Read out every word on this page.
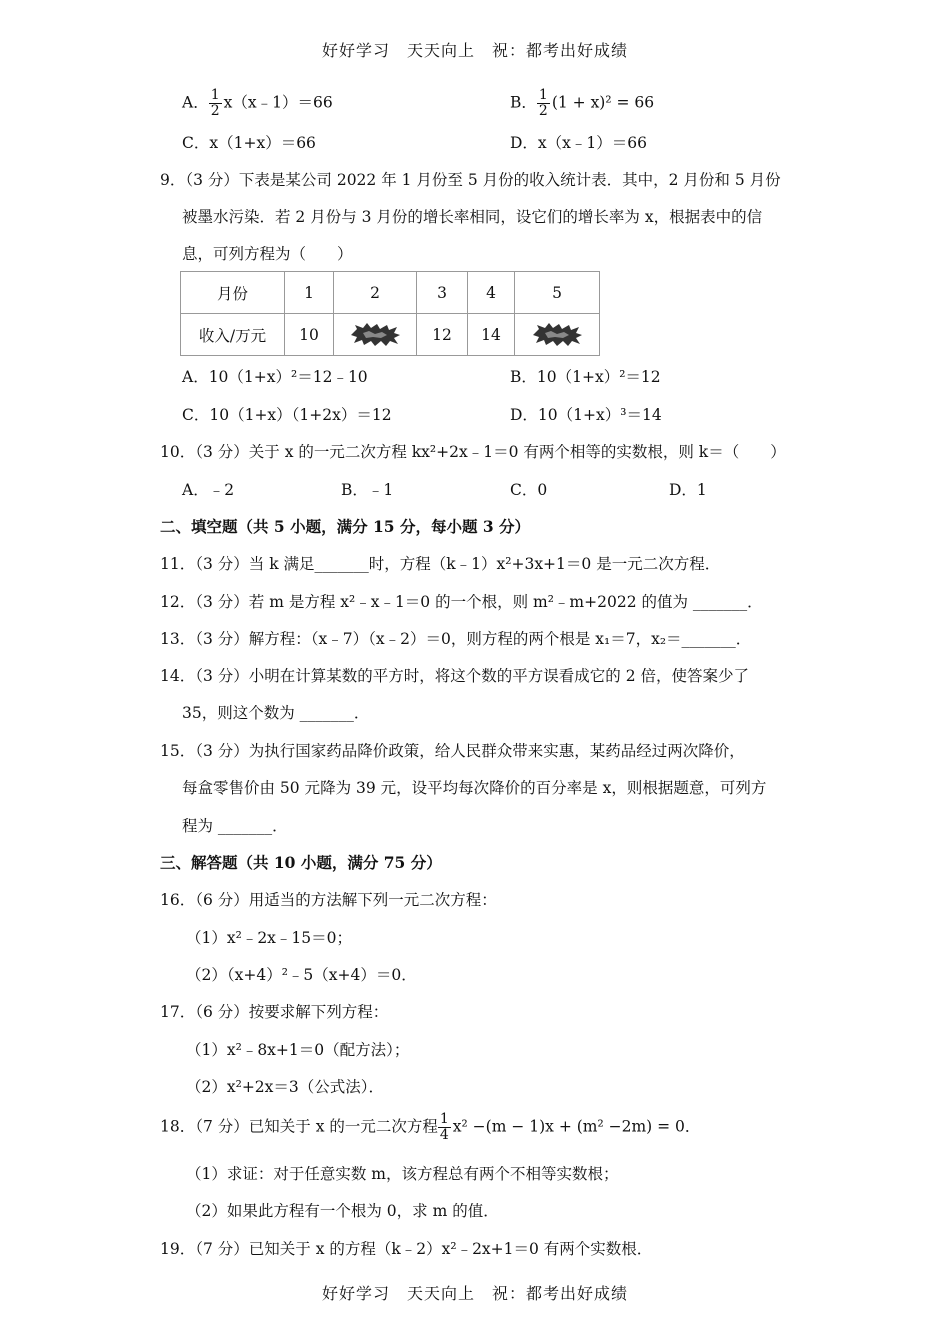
好好学习　天天向上　祝：都考出好成绩
A． $\frac{1}{2}$ x（x﹣1）＝66	B． $\frac{1}{2} (1 + x)^2 = 66$
C．x（1+x）＝66	D．x（x﹣1）＝66
9．（3 分）下表是某公司 2022 年 1 月份至 5 月份的收入统计表．其中，2 月份和 5 月份
被墨水污染．若 2 月份与 3 月份的增长率相同，设它们的增长率为 x，根据表中的信
息，可列方程为（　　）
月份	1	2	3	4	5
收入/万元	10		12	14	
A．10（1+x）²＝12﹣10	B．10（1+x）²＝12
C．10（1+x）（1+2x）＝12	D．10（1+x）³＝14
10．（3 分）关于 x 的一元二次方程 kx²+2x﹣1＝0 有两个相等的实数根，则 k＝（　　）
A．﹣2	B．﹣1	C．0	D．1
二、填空题（共 5 小题，满分 15 分，每小题 3 分）
11．（3 分）当 k 满足_______时，方程（k﹣1）x²+3x+1＝0 是一元二次方程．
12．（3 分）若 m 是方程 x²﹣x﹣1＝0 的一个根，则 m²﹣m+2022 的值为 _______．
13．（3 分）解方程：（x﹣7）（x﹣2）＝0，则方程的两个根是 x₁＝7，x₂＝_______．
14．（3 分）小明在计算某数的平方时，将这个数的平方误看成它的 2 倍，使答案少了
35，则这个数为 _______．
15．（3 分）为执行国家药品降价政策，给人民群众带来实惠，某药品经过两次降价，
每盒零售价由 50 元降为 39 元，设平均每次降价的百分率是 x，则根据题意，可列方
程为 _______．
三、解答题（共 10 小题，满分 75 分）
16．（6 分）用适当的方法解下列一元二次方程：
（1）x²﹣2x﹣15＝0；
（2）（x+4）²﹣5（x+4）＝0．
17．（6 分）按要求解下列方程：
（1）x²﹣8x+1＝0（配方法）；
（2）x²+2x＝3（公式法）．
18．（7 分）已知关于 x 的一元二次方程 $\frac{1}{4} x^2 -(m - 1)x + (m^2 -2m) = 0$．
（1）求证：对于任意实数 m，该方程总有两个不相等实数根；
（2）如果此方程有一个根为 0，求 m 的值．
19．（7 分）已知关于 x 的方程（k﹣2）x²﹣2x+1＝0 有两个实数根．
好好学习　天天向上　祝：都考出好成绩
